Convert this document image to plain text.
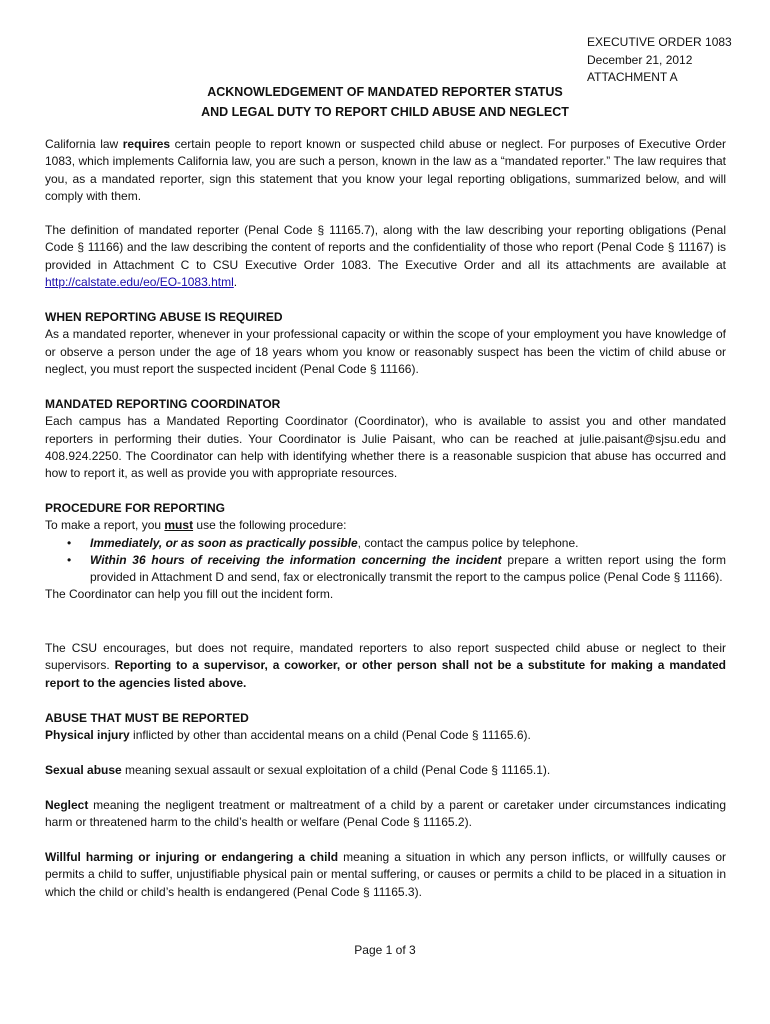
EXECUTIVE ORDER 1083
December 21, 2012
ATTACHMENT A
ACKNOWLEDGEMENT OF MANDATED REPORTER STATUS
AND LEGAL DUTY TO REPORT CHILD ABUSE AND NEGLECT

California law requires certain people to report known or suspected child abuse or neglect. For purposes of Executive Order 1083, which implements California law, you are such a person, known in the law as a “mandated reporter.” The law requires that you, as a mandated reporter, sign this statement that you know your legal reporting obligations, summarized below, and will comply with them.

The definition of mandated reporter (Penal Code § 11165.7), along with the law describing your reporting obligations (Penal Code § 11166) and the law describing the content of reports and the confidentiality of those who report (Penal Code § 11167) is provided in Attachment C to CSU Executive Order 1083. The Executive Order and all its attachments are available at http://calstate.edu/eo/EO-1083.html.

WHEN REPORTING ABUSE IS REQUIRED

As a mandated reporter, whenever in your professional capacity or within the scope of your employment you have knowledge of or observe a person under the age of 18 years whom you know or reasonably suspect has been the victim of child abuse or neglect, you must report the suspected incident (Penal Code § 11166).

MANDATED REPORTING COORDINATOR

Each campus has a Mandated Reporting Coordinator (Coordinator), who is available to assist you and other mandated reporters in performing their duties. Your Coordinator is Julie Paisant, who can be reached at julie.paisant@sjsu.edu and 408.924.2250. The Coordinator can help with identifying whether there is a reasonable suspicion that abuse has occurred and how to report it, as well as provide you with appropriate resources.

PROCEDURE FOR REPORTING

To make a report, you must use the following procedure:

• Immediately, or as soon as practically possible, contact the campus police by telephone.
• Within 36 hours of receiving the information concerning the incident prepare a written report using the form provided in Attachment D and send, fax or electronically transmit the report to the campus police (Penal Code § 11166).

The Coordinator can help you fill out the incident form.

The CSU encourages, but does not require, mandated reporters to also report suspected child abuse or neglect to their supervisors. Reporting to a supervisor, a coworker, or other person shall not be a substitute for making a mandated report to the agencies listed above.

ABUSE THAT MUST BE REPORTED

Physical injury inflicted by other than accidental means on a child (Penal Code § 11165.6).

Sexual abuse meaning sexual assault or sexual exploitation of a child (Penal Code § 11165.1).

Neglect meaning the negligent treatment or maltreatment of a child by a parent or caretaker under circumstances indicating harm or threatened harm to the child’s health or welfare (Penal Code § 11165.2).

Willful harming or injuring or endangering a child meaning a situation in which any person inflicts, or willfully causes or permits a child to suffer, unjustifiable physical pain or mental suffering, or causes or permits a child to be placed in a situation in which the child or child’s health is endangered (Penal Code § 11165.3).

Page 1 of 3
